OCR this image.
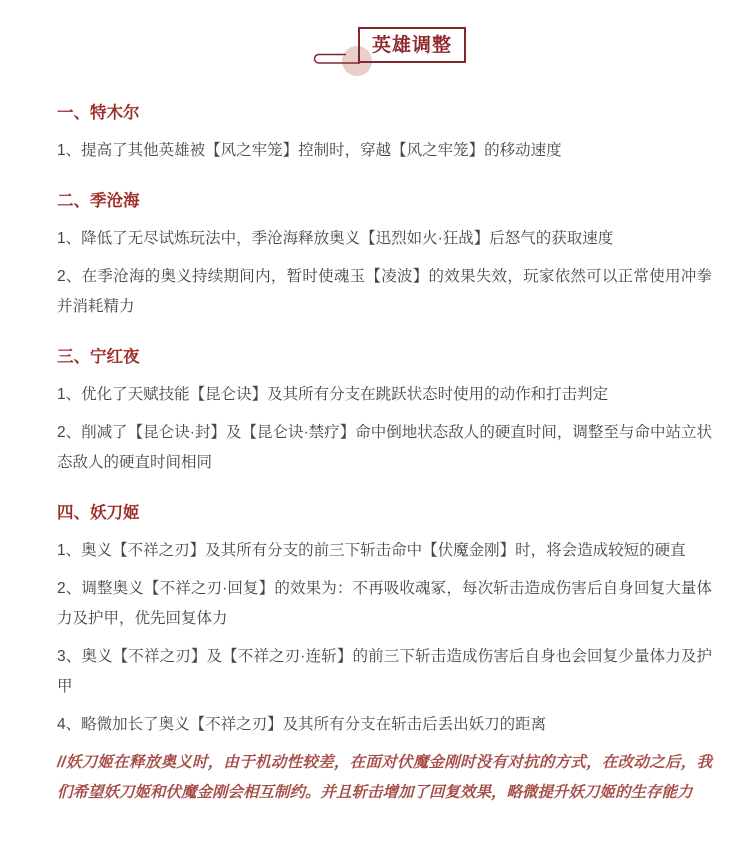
英雄调整
一、特木尔

1、提高了其他英雄被【风之牢笼】控制时，穿越【风之牢笼】的移动速度

二、季沧海

1、降低了无尽试炼玩法中，季沧海释放奥义【迅烈如火·狂战】后怒气的获取速度

2、在季沧海的奥义持续期间内，暂时使魂玉【凌波】的效果失效，玩家依然可以正常使用冲拳并消耗精力

三、宁红夜

1、优化了天赋技能【昆仑诀】及其所有分支在跳跃状态时使用的动作和打击判定

2、削减了【昆仑诀·封】及【昆仑诀·禁疗】命中倒地状态敌人的硬直时间，调整至与命中站立状态敌人的硬直时间相同

四、妖刀姬

1、奥义【不祥之刃】及其所有分支的前三下斩击命中【伏魔金刚】时，将会造成较短的硬直

2、调整奥义【不祥之刃·回复】的效果为：不再吸收魂冢，每次斩击造成伤害后自身回复大量体力及护甲，优先回复体力

3、奥义【不祥之刃】及【不祥之刃·连斩】的前三下斩击造成伤害后自身也会回复少量体力及护甲

4、略微加长了奥义【不祥之刃】及其所有分支在斩击后丢出妖刀的距离

//妖刀姬在释放奥义时，由于机动性较差，在面对伏魔金刚时没有对抗的方式，在改动之后，我们希望妖刀姬和伏魔金刚会相互制约。并且斩击增加了回复效果，略微提升妖刀姬的生存能力
